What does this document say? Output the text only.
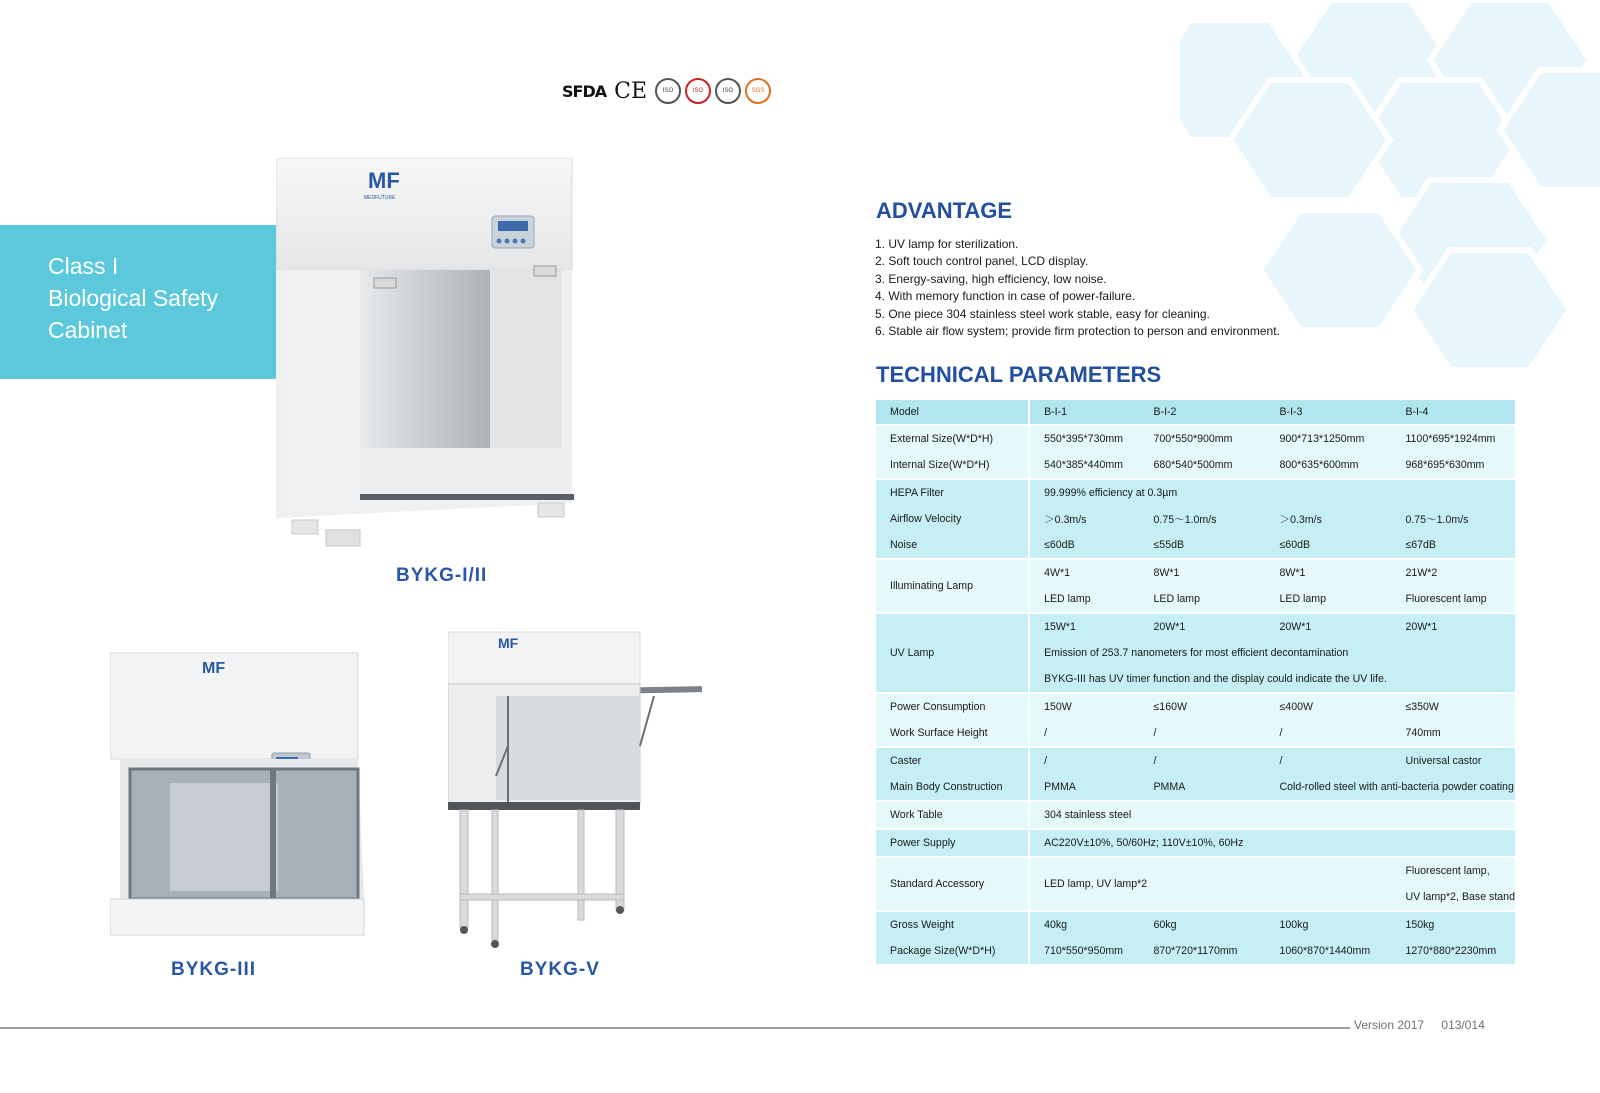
SFDA CE	ISO	ISO	ISO	SGS
Class I
Biological Safety
Cabinet
MF
MEDFUTURE
BYKG-I/II
MF
BYKG-III
MF
BYKG-V
ADVANTAGE
1. UV lamp for sterilization.
2. Soft touch control panel, LCD display.
3. Energy-saving, high efficiency, low noise.
4. With memory function in case of power-failure.
5. One piece 304 stainless steel work stable, easy for cleaning.
6. Stable air flow system; provide firm protection to person and environment.
TECHNICAL PARAMETERS
Model	B-I-1	B-I-2	B-I-3	B-I-4
External Size(W*D*H)	550*395*730mm	700*550*900mm	900*713*1250mm	1100*695*1924mm
Internal Size(W*D*H)	540*385*440mm	680*540*500mm	800*635*600mm	968*695*630mm
HEPA Filter	99.999% efficiency at 0.3µm			
Airflow Velocity	＞0.3m/s	0.75～1.0m/s	＞0.3m/s	0.75～1.0m/s
Noise	≤60dB	≤55dB	≤60dB	≤67dB
Illuminating Lamp	4W*1	8W*1	8W*1	21W*2
	LED lamp	LED lamp	LED lamp	Fluorescent lamp
UV Lamp	15W*1	20W*1	20W*1	20W*1
	Emission of 253.7 nanometers for most efficient decontamination			
	BYKG-III has UV timer function and the display could indicate the UV life.			
Power Consumption	150W	≤160W	≤400W	≤350W
Work Surface Height	/	/	/	740mm
Caster	/	/	/	Universal castor
Main Body Construction	PMMA	PMMA	Cold-rolled steel with anti-bacteria powder coating	
Work Table	304 stainless steel			
Power Supply	AC220V±10%, 50/60Hz; 110V±10%, 60Hz			
Standard Accessory	LED lamp, UV lamp*2			Fluorescent lamp,
				UV lamp*2, Base stand
Gross Weight	40kg	60kg	100kg	150kg
Package Size(W*D*H)	710*550*950mm	870*720*1170mm	1060*870*1440mm	1270*880*2230mm
Version 2017 013/014
